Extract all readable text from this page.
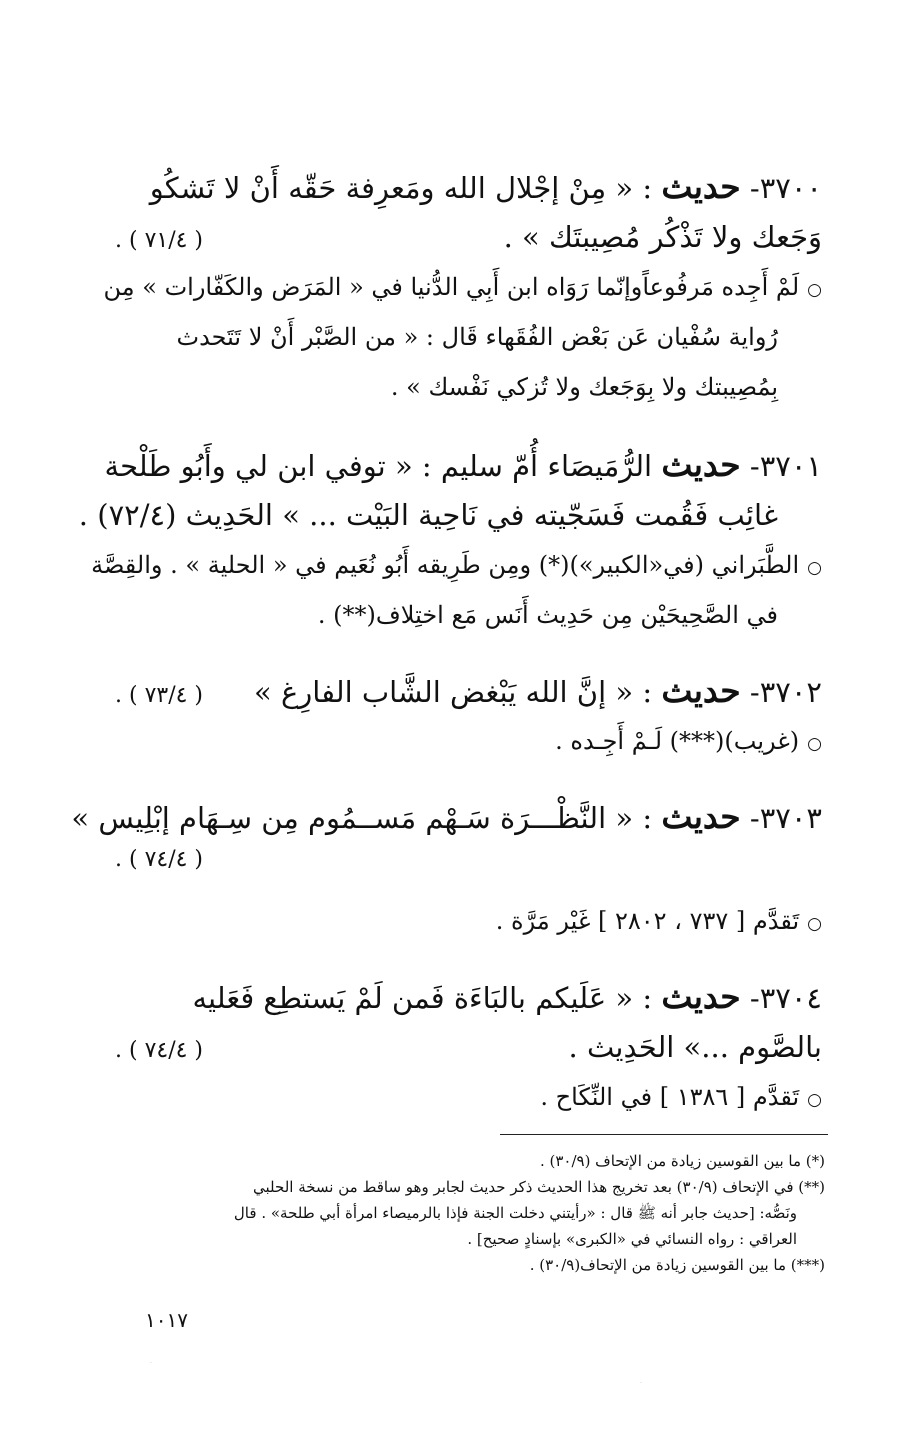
٣٧٠٠- حديث : « مِنْ إجْلال الله ومَعرِفة حَقّه أَنْ لا تَشكُو
وَجَعك ولا تَذْكُر مُصِيبتَك » .
( ٧١/٤ ) .
○لَمْ أَجِده مَرفُوعاًوإنّما رَوَاه ابن أَبِي الدُّنيا في « المَرَض والكَفّارات » مِن
رُواية سُفْيان عَن بَعْض الفُقَهاء قَال : « من الصَّبْر أَنْ لا تَتَحدث
بِمُصِيبتك ولا بِوَجَعك ولا تُزكي نَفْسك » .
٣٧٠١- حديث الرُّمَيصَاء أُمّ سليم : « توفي ابن لي وأَبُو طَلْحة
غائِب فَقُمت فَسَجّيته في نَاحِية البَيْت ... » الحَدِيث (٧٢/٤) .
○الطَّبَراني (في«الكبير»)(*) ومِن طَرِيقه أَبُو نُعَيم في « الحلية » . والقِصَّة
في الصَّحِيحَيْن مِن حَدِيث أَنَس مَع اختِلاف(**) .
٣٧٠٢- حديث : « إنَّ الله يَبْغض الشَّاب الفارِغ »
( ٧٣/٤ ) .
○(غريب)(***) لَـمْ أَجِـده .
٣٧٠٣- حديث : « النَّظْـــرَة سَـهْم مَســمُوم مِن سِـهَام إبْلِيس »
( ٧٤/٤ ) .
○تَقدَّم [ ٧٣٧ ، ٢٨٠٢ ] غَيْر مَرَّة .
٣٧٠٤- حديث : « عَلَيكم بالبَاءَة فَمن لَمْ يَستطِع فَعَليه
بالصَّوم ...» الحَدِيث .
( ٧٤/٤ ) .
○تَقدَّم [ ١٣٨٦ ] في النِّكَاح .
(*) ما بين القوسين زيادة من الإتحاف (٣٠/٩) .
(**) في الإتحاف (٣٠/٩) بعد تخريج هذا الحديث ذكر حديث لجابر وهو ساقط من نسخة الحلبي
ونَصُّه: [حديث جابر أنه ﷺ قال : «رأيتني دخلت الجنة فإذا بالرميصاء امرأة أبي طلحة» . قال
العراقي : رواه النسائي في «الكبرى» بإسنادٍ صحيح] .
(***) ما بين القوسين زيادة من الإتحاف(٣٠/٩) .
١٠١٧
·
·
